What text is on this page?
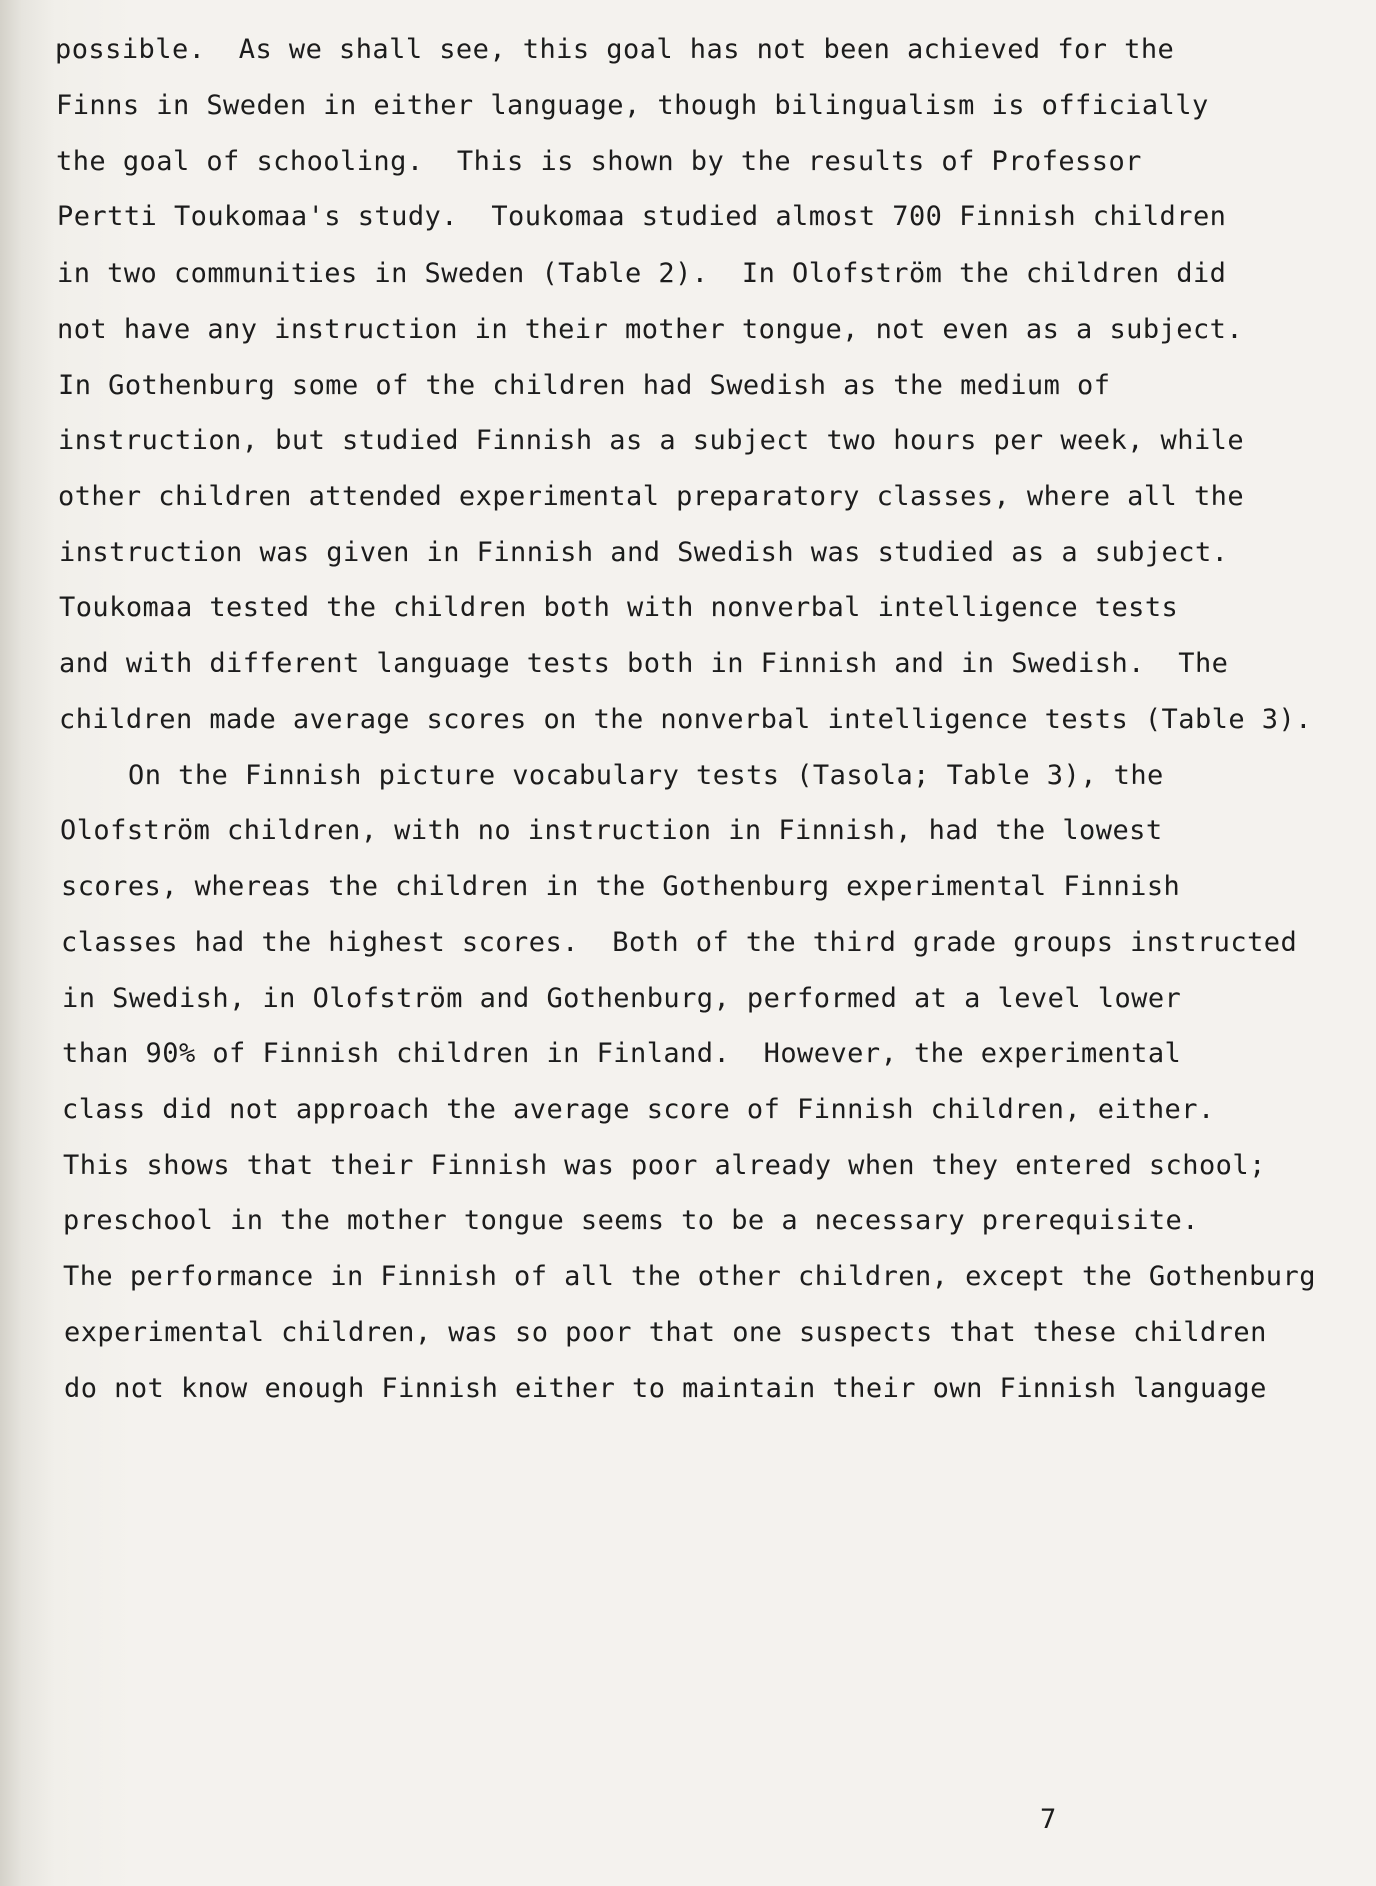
possible.  As we shall see, this goal has not been achieved for the
Finns in Sweden in either language, though bilingualism is officially
the goal of schooling.  This is shown by the results of Professor
Pertti Toukomaa's study.  Toukomaa studied almost 700 Finnish children
in two communities in Sweden (Table 2).  In Olofström the children did
not have any instruction in their mother tongue, not even as a subject.
In Gothenburg some of the children had Swedish as the medium of
instruction, but studied Finnish as a subject two hours per week, while
other children attended experimental preparatory classes, where all the
instruction was given in Finnish and Swedish was studied as a subject.
Toukomaa tested the children both with nonverbal intelligence tests
and with different language tests both in Finnish and in Swedish.  The
children made average scores on the nonverbal intelligence tests (Table 3).
On the Finnish picture vocabulary tests (Tasola; Table 3), the
Olofström children, with no instruction in Finnish, had the lowest
scores, whereas the children in the Gothenburg experimental Finnish
classes had the highest scores.  Both of the third grade groups instructed
in Swedish, in Olofström and Gothenburg, performed at a level lower
than 90% of Finnish children in Finland.  However, the experimental
class did not approach the average score of Finnish children, either.
This shows that their Finnish was poor already when they entered school;
preschool in the mother tongue seems to be a necessary prerequisite.
The performance in Finnish of all the other children, except the Gothenburg
experimental children, was so poor that one suspects that these children
do not know enough Finnish either to maintain their own Finnish language
7
